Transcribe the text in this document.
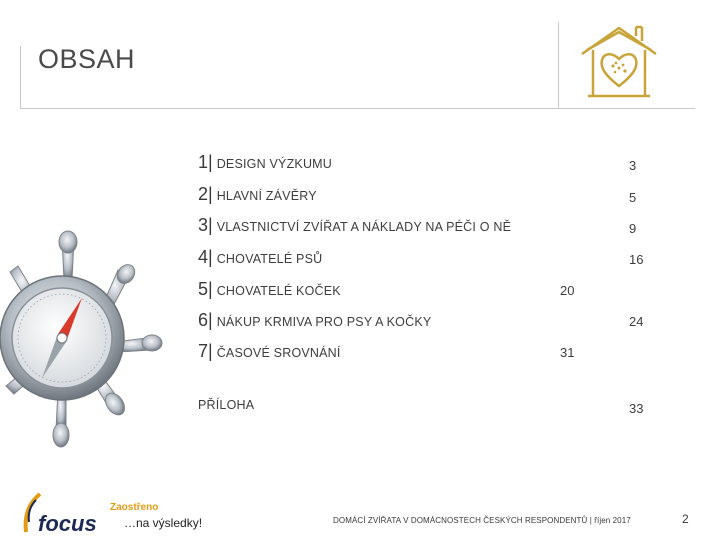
OBSAH
1 | DESIGN VÝZKUMU	3
2 | HLAVNÍ ZÁVĚRY	5
3 | VLASTNICTVÍ ZVÍŘAT A NÁKLADY NA PÉČI O NĚ	9
4 | CHOVATELÉ PSŮ	16
5 | CHOVATELÉ KOČEK	20
6 | NÁKUP KRMIVA PRO PSY A KOČKY	24
7 | ČASOVÉ SROVNÁNÍ	31
PŘÍLOHA	33
Zaostřeno
focus …na výsledky!	DOMÁCÍ ZVÍŘATA V DOMÁCNOSTECH ČESKÝCH RESPONDENTŮ | říjen 2017	2
